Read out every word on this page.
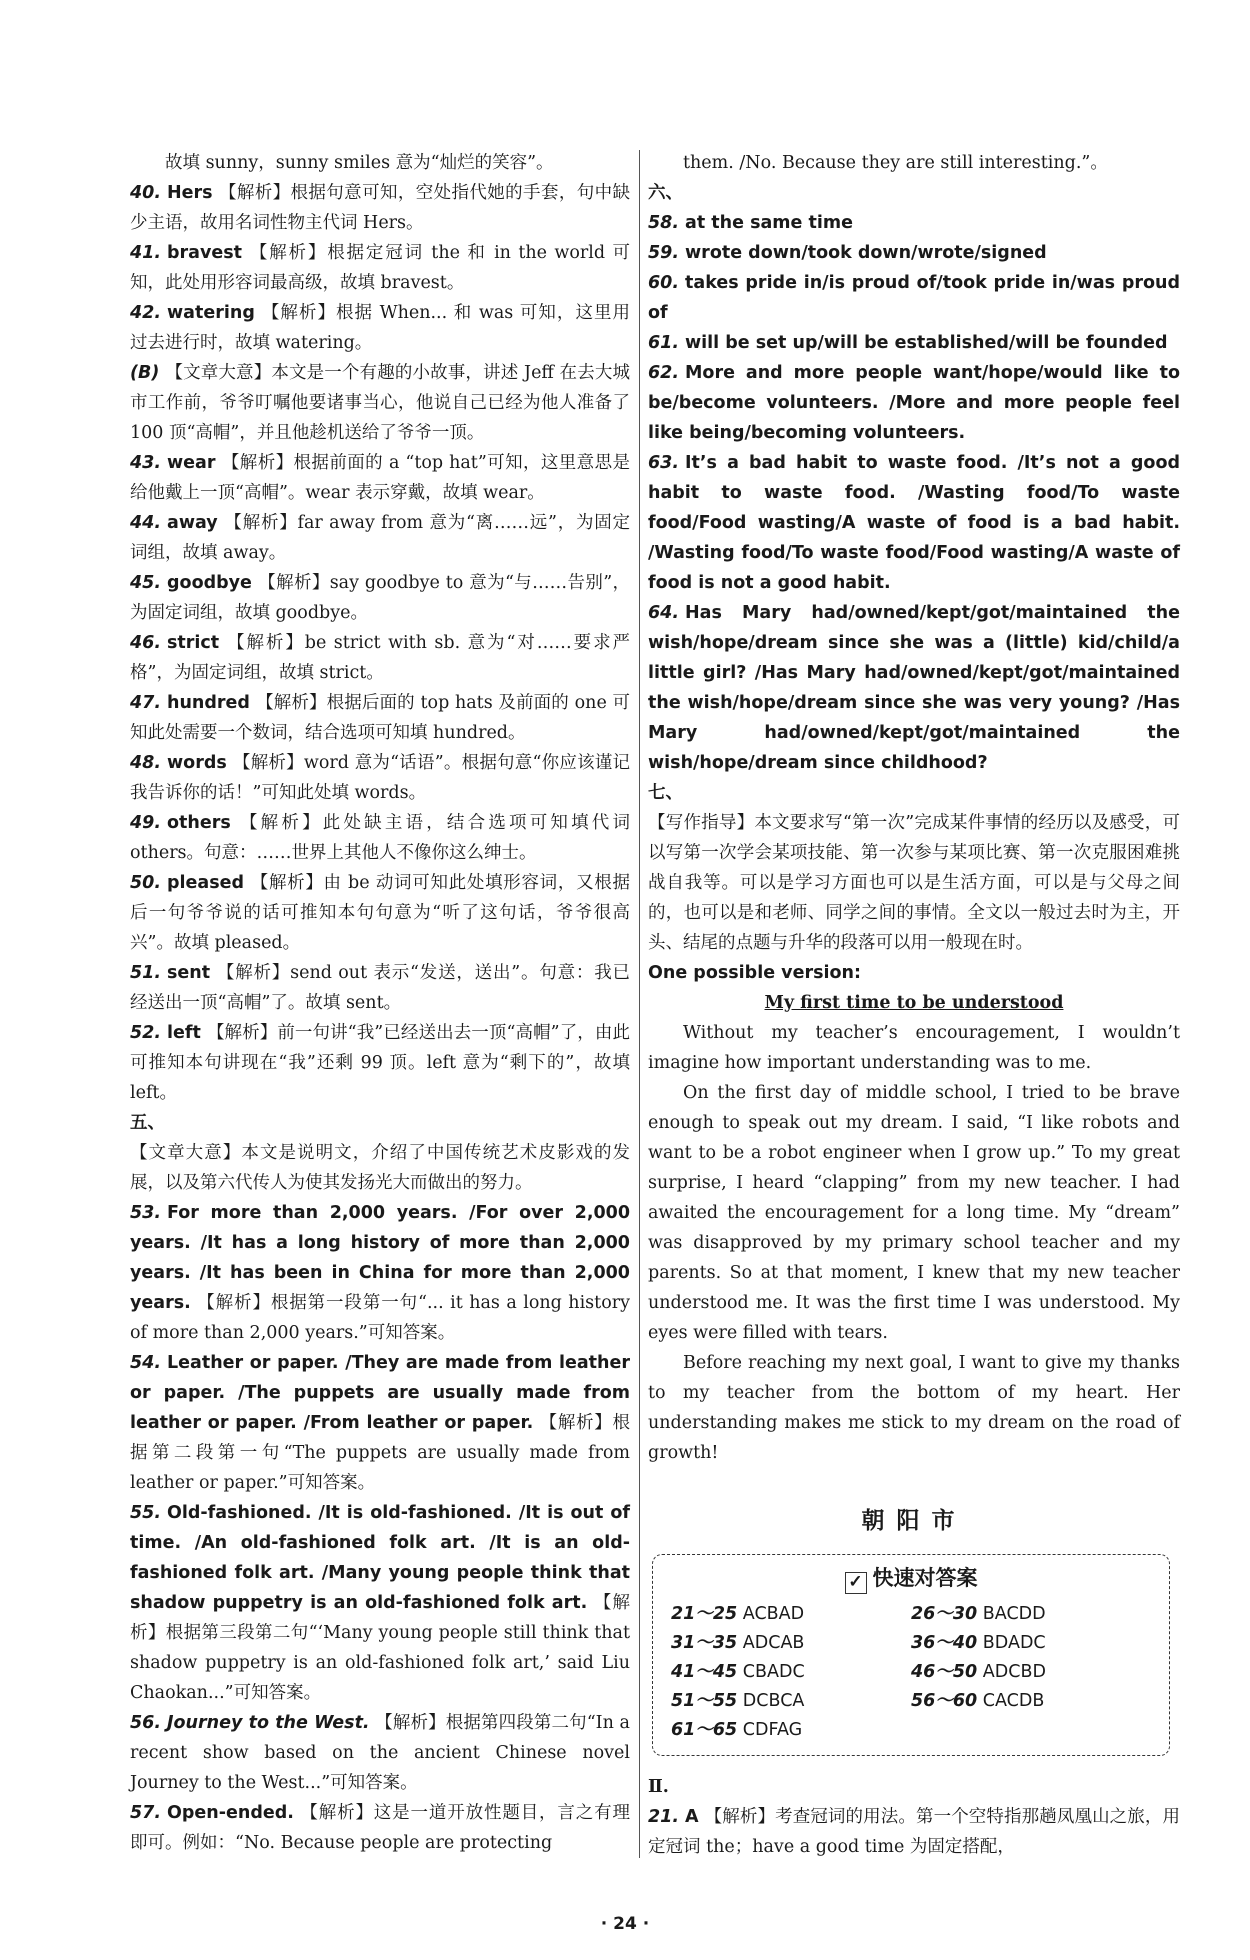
故填 sunny，sunny smiles 意为“灿烂的笑容”。

40. Hers 【解析】根据句意可知，空处指代她的手套，句中缺少主语，故用名词性物主代词 Hers。

41. bravest 【解析】根据定冠词 the 和 in the world 可知，此处用形容词最高级，故填 bravest。

42. watering 【解析】根据 When... 和 was 可知，这里用过去进行时，故填 watering。

(B) 【文章大意】本文是一个有趣的小故事，讲述 Jeff 在去大城市工作前，爷爷叮嘱他要诸事当心，他说自己已经为他人准备了 100 顶“高帽”，并且他趁机送给了爷爷一顶。

43. wear 【解析】根据前面的 a “top hat”可知，这里意思是给他戴上一顶“高帽”。wear 表示穿戴，故填 wear。

44. away 【解析】far away from 意为“离……远”，为固定词组，故填 away。

45. goodbye 【解析】say goodbye to 意为“与……告别”，为固定词组，故填 goodbye。

46. strict 【解析】be strict with sb. 意为“对……要求严格”，为固定词组，故填 strict。

47. hundred 【解析】根据后面的 top hats 及前面的 one 可知此处需要一个数词，结合选项可知填 hundred。

48. words 【解析】word 意为“话语”。根据句意“你应该谨记我告诉你的话！”可知此处填 words。

49. others 【解析】此处缺主语，结合选项可知填代词 others。句意：……世界上其他人不像你这么绅士。

50. pleased 【解析】由 be 动词可知此处填形容词，又根据后一句爷爷说的话可推知本句句意为“听了这句话，爷爷很高兴”。故填 pleased。

51. sent 【解析】send out 表示“发送，送出”。句意：我已经送出一顶“高帽”了。故填 sent。

52. left 【解析】前一句讲“我”已经送出去一顶“高帽”了，由此可推知本句讲现在“我”还剩 99 顶。left 意为“剩下的”，故填 left。

五、

【文章大意】本文是说明文，介绍了中国传统艺术皮影戏的发展，以及第六代传人为使其发扬光大而做出的努力。

53. For more than 2,000 years. /For over 2,000 years. /It has a long history of more than 2,000 years. /It has been in China for more than 2,000 years. 【解析】根据第一段第一句“... it has a long history of more than 2,000 years.”可知答案。

54. Leather or paper. /They are made from leather or paper. /The puppets are usually made from leather or paper. /From leather or paper. 【解析】根据第二段第一句“The puppets are usually made from leather or paper.”可知答案。

55. Old-fashioned. /It is old-fashioned. /It is out of time. /An old-fashioned folk art. /It is an old-fashioned folk art. /Many young people think that shadow puppetry is an old-fashioned folk art. 【解析】根据第三段第二句“‘Many young people still think that shadow puppetry is an old-fashioned folk art,’ said Liu Chaokan...”可知答案。

56. Journey to the West. 【解析】根据第四段第二句“In a recent show based on the ancient Chinese novel Journey to the West...”可知答案。

57. Open-ended. 【解析】这是一道开放性题目，言之有理即可。例如：“No. Because people are protecting

them. /No. Because they are still interesting.”。

六、

58. at the same time

59. wrote down/took down/wrote/signed

60. takes pride in/is proud of/took pride in/was proud of

61. will be set up/will be established/will be founded

62. More and more people want/hope/would like to be/become volunteers. /More and more people feel like being/becoming volunteers.

63. It’s a bad habit to waste food. /It’s not a good habit to waste food. /Wasting food/To waste food/Food wasting/A waste of food is a bad habit. /Wasting food/To waste food/Food wasting/A waste of food is not a good habit.

64. Has Mary had/owned/kept/got/maintained the wish/hope/dream since she was a (little) kid/child/a little girl? /Has Mary had/owned/kept/got/maintained the wish/hope/dream since she was very young? /Has Mary had/owned/kept/got/maintained the wish/hope/dream since childhood?

七、

【写作指导】本文要求写“第一次”完成某件事情的经历以及感受，可以写第一次学会某项技能、第一次参与某项比赛、第一次克服困难挑战自我等。可以是学习方面也可以是生活方面，可以是与父母之间的，也可以是和老师、同学之间的事情。全文以一般过去时为主，开头、结尾的点题与升华的段落可以用一般现在时。

One possible version:

My first time to be understood

Without my teacher’s encouragement, I wouldn’t imagine how important understanding was to me.

On the first day of middle school, I tried to be brave enough to speak out my dream. I said, “I like robots and want to be a robot engineer when I grow up.” To my great surprise, I heard “clapping” from my new teacher. I had awaited the encouragement for a long time. My “dream” was disapproved by my primary school teacher and my parents. So at that moment, I knew that my new teacher understood me. It was the first time I was understood. My eyes were filled with tears.

Before reaching my next goal, I want to give my thanks to my teacher from the bottom of my heart. Her understanding makes me stick to my dream on the road of growth!

朝阳市
✓ 快速对答案
21～25 ACBAD	26～30 BACDD
31～35 ADCAB	36～40 BDADC
41～45 CBADC	46～50 ADCBD
51～55 DCBCA	56～60 CACDB
61～65 CDFAG

Ⅱ.

21. A 【解析】考查冠词的用法。第一个空特指那趟凤凰山之旅，用定冠词 the；have a good time 为固定搭配，

· 24 ·
